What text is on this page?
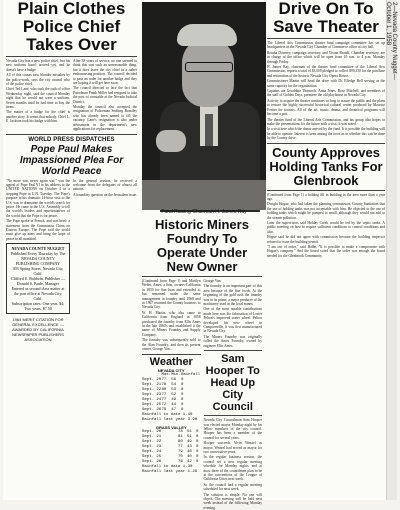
2—Nevada County Nugget—October 1, 1958
Plain Clothes Police Chief Takes Over

Nevada City has a new police chief, but his new uniform hasn't arrived yet, and he doesn't have a badge.

All of this causes new blunder mistakes by the police-work, says the city council who of the police chief.

Chief Ted Lane, who took the oath of office Wednesday night, said the council Monday night that he would not wear a uniform. Seven months until he had time to buy the items.

The matter of a badge for the chief is another story. It seems that nobody, Chief L. E. Jackson took his badge with him.

After 38 years of service, no one seemed to think this was such an unreasonable thing, but it does leave the city chief in a rather embarrassing position. The council decided to pass an order for another badge and they are hoping it will get here soon.

The council directed to face the fact that Patrolman Frank Miller had resigned to take the post of constable at the Nevada Judicial District.

Monday the council also accepted the resignation of Policeman Seaborg Bomiley who has already been named to fill the vacancy. Lane's resignation is also under advisement in the department's new applications for replacement.

WORLD PRESS DISPATCHES
Pope Paul Makes Impassioned Plea For World Peace

"No more war, never again war," was the appeal of Pope Paul VI in his address to the UNITED NATIONS on October 4 in a stepping Pope to U.N. Tuesday. The Pope's purpose in his dramatic 14-hour visit to the U.S. was to dramatize the world's search for peace. He came to the U.S. Assembly to tell the world's leaders and representatives of the world that the Pope is for peace.

The Pope spoke in French, and was brief: a statement from the Communist China on Eastern Europe. The Pope said the world must give up arms and bring the hope of peace to all mankind.

NEVADA COUNTY NUGGET
Published Every Thursday by The NEVADA COUNTY PUBLISHING COMPANY
303 Spring Street, Nevada City, Calif.
Clifford E. Baldwin, Publisher — Donald S. Paule, Manager
Entered as second class matter at the post office at Nevada City, Calif.
Subscription rates: One year, $4; Two years, $7.50
1964 MERIT CITATION FOR GENERAL EXCELLENCE — AWARDED BY CALIFORNIA NEWSPAPER PUBLISHERS ASSOCIATION

In the general session, he received a welcome from the delegates of almost all nations.

A boundary question on the Jerusalem issue.

Fund Raising Chairman H. James Ray
Historic Miners Foundry To Operate Under New Owner

(Continued from Page 1) and Marilyn Weber, Ames, a firm, owners-California in 1850 for San Juan and extended it, but remained under the same management in foundry until 1968 and in 1967 returned the County business to Nevada City.

W. H. Martin, who also came to California from England in 1858 purchased the foundry from Ellis Ames in the late 1860's and established it the name of Miners Foundry and Supply Company.

The foundry was subsequently sold to the Alan Foundry, and then its present owner, George Van...

Weather
NEVADA CITY
	Max.	Min.	Rainfall
Sept. 20	77	56	0
Sept. 21	78	54	0
Sept. 22	80	53	0
Sept. 23	77	52	0
Sept. 24	77	49	0
Sept. 25	72	44	0
Sept. 26	79	47	0
Rainfall to date 1.40
Rainfall last year 3.90
GRASS VALLEY
Sept. 20	78	51	0
Sept. 21	81	51	0
Sept. 22	80	49	0
Sept. 23	77	43	0
Sept. 24	79	46	0
Sept. 25	70	40	0
Sept. 26	76	42	0
Rainfall to date 1.30
Rainfall last year 1.29

George Van.

The foundry is an important part of this area because of the fine foods. At the beginning of the gold rush the foundry was in its prime, a major producer of the machinery used in the local mines.

One of the most notable contributions made here was the fabrication of Lester Pelton's improved water wheel. Pelton developed his new wheel in Camptonville, it was first manufactured in Nevada City.

The Miners Foundry was originally called the Ames Foundry, owned by engineer Ellis Ames.

Sam Hooper To Head Up City Council

Nevada City Councilman Sam Hooper was elected mayor Monday night by his fellow members of the city council. Hooper has been a member of the council for several years.

Hooper succeeds Alvin Wenzel as mayor. Wenzel had served as mayor for two consecutive years.

In the regular business session, the council set a new regular meeting schedule for Monday nights, and at most three of the councilmen plan to be at the conventions of the League of California Cities next week.

So the council had a regular meeting scheduled for next week.

The solution is simple. No one will object. The meeting will be held next week instead of the following Monday evening.

Drive On To Save Theater

The Liberal Arts Commission theater fund campaign committee has set up headquarters in the Nevada City Chamber of Commerce office at city hall.

Reinha Downey, campaign secretary, and Vivian Brandt, Chamber secretary, are in charge of the office which will be open from 10 a.m. to 4 p.m. Monday through Friday.

H. James Ray, chairman of the theater fund committee of the Liberal Arts Commission, reports a total of $3,000 pledged to collect $99,350 for the purchase and restoration of the historic Nevada City Opera House.

Commissioner Martin will head the drive with Dr. Elledge Bell serving as the same capacity for the organization.

Captains are Geraldine Tharnock, Anita Jones, Rose Mitchell, and members of the staff of Golden Days, premiere the old playhouse in Nevada City.

Activity to acquire the theater continues so long to assure the public and the plans to restore the highly successful historical cultural center produced by Maurice Fortier for tourists. All of the art, music, drama, and theatrical programs will become a part.

The theater fund of the Liberal Arts Commission, and his group also hopes to make the presentations for the future with a visit, it was noted.

In a visit here which the donor arrived by the fund. It is possible the building will be able to operate. Interest is keen among the town as to whether this can be done by the County drive.

County Approves Holding Tanks For Glenbrook

(Continued from Page 1) a holding fill in building in the area more than a year ago.

Dwight Hogue, who had taken the planning commission, County Sanitation that the use of holding tanks was not acceptable with him. He objected to the use of holding tanks which might be pumped to small, although they would not add to the stream pollution.

Later the supervisors said Holday Creek would be fed by the septic tanks. A public meeting on how to require sufficient conditions to control conditions and also.

Hogue said he did not agree with commission because the building inspector refused to issue the building permit.

"I am out of order," said Halbe, "It is possible to make a compromise with Hogue's company." And the board voted that the order was enough the board needed for the Glenbrook Community.
